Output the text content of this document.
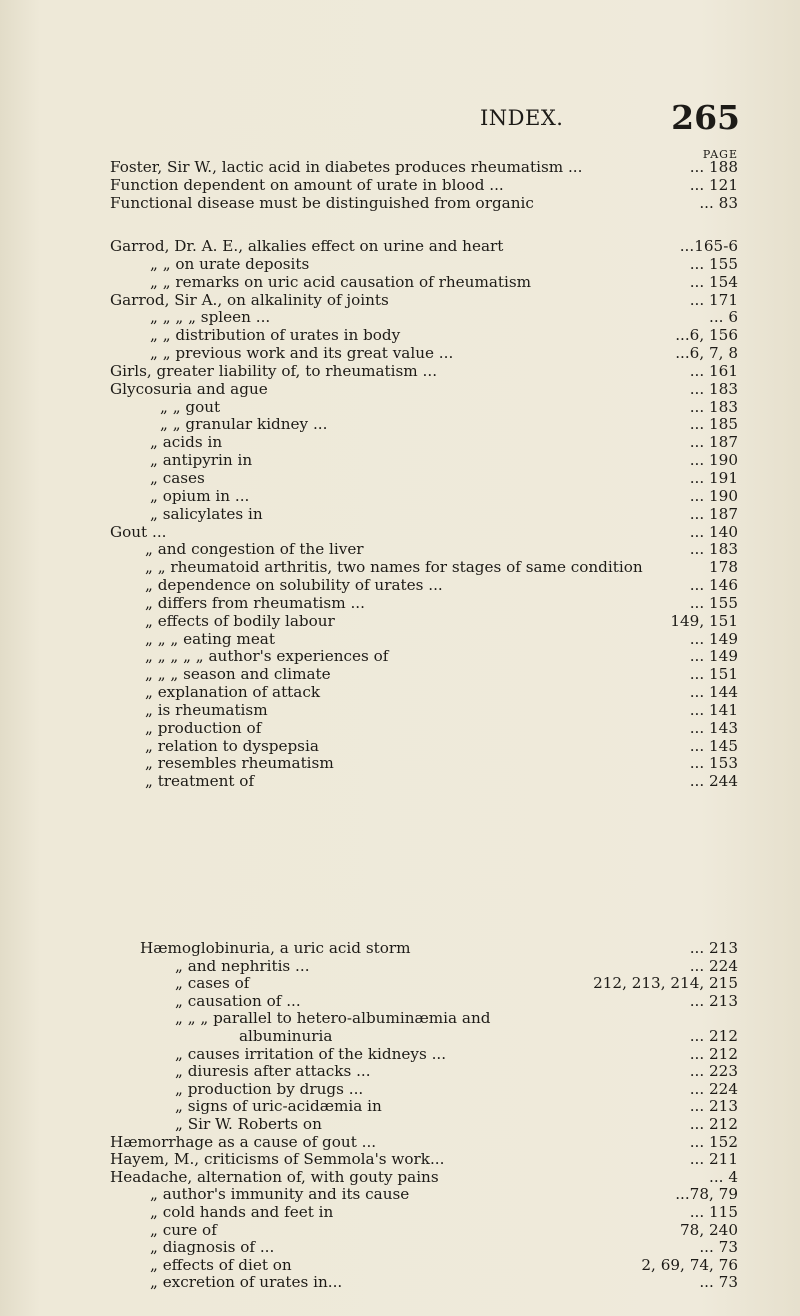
INDEX.	265
PAGE
Foster, Sir W., lactic acid in diabetes produces rheumatism ...	... 188
Function dependent on amount of urate in blood ...	... 121
Functional disease must be distinguished from organic	... 83
Garrod, Dr. A. E., alkalies effect on urine and heart	...165-6
„ „ on urate deposits	... 155
„ „ remarks on uric acid causation of rheumatism	... 154
Garrod, Sir A., on alkalinity of joints	... 171
„ „ „ „ spleen ...	... 6
„ „ distribution of urates in body	...6, 156
„ „ previous work and its great value ...	...6, 7, 8
Girls, greater liability of, to rheumatism ...	... 161
Glycosuria and ague	... 183
„ „ gout	... 183
„ „ granular kidney ...	... 185
„ acids in	... 187
„ antipyrin in	... 190
„ cases	... 191
„ opium in ...	... 190
„ salicylates in	... 187
Gout ...	... 140
„ and congestion of the liver	... 183
„ „ rheumatoid arthritis, two names for stages of same condition	178
„ dependence on solubility of urates ...	... 146
„ differs from rheumatism ...	... 155
„ effects of bodily labour	149, 151
„ „ „ eating meat	... 149
„ „ „ „ „ author's experiences of	... 149
„ „ „ season and climate	... 151
„ explanation of attack	... 144
„ is rheumatism	... 141
„ production of	... 143
„ relation to dyspepsia	... 145
„ resembles rheumatism	... 153
„ treatment of	... 244
Hæmoglobinuria, a uric acid storm	... 213
„ and nephritis ...	... 224
„ cases of	212, 213, 214, 215
„ causation of ...	... 213
„ „ „ parallel to hetero-albuminæmia and
albuminuria	... 212
„ causes irritation of the kidneys ...	... 212
„ diuresis after attacks ...	... 223
„ production by drugs ...	... 224
„ signs of uric-acidæmia in	... 213
„ Sir W. Roberts on	... 212
Hæmorrhage as a cause of gout ...	... 152
Hayem, M., criticisms of Semmola's work...	... 211
Headache, alternation of, with gouty pains	... 4
„ author's immunity and its cause	...78, 79
„ cold hands and feet in	... 115
„ cure of	78, 240
„ diagnosis of ...	... 73
„ effects of diet on	2, 69, 74, 76
„ excretion of urates in...	... 73
